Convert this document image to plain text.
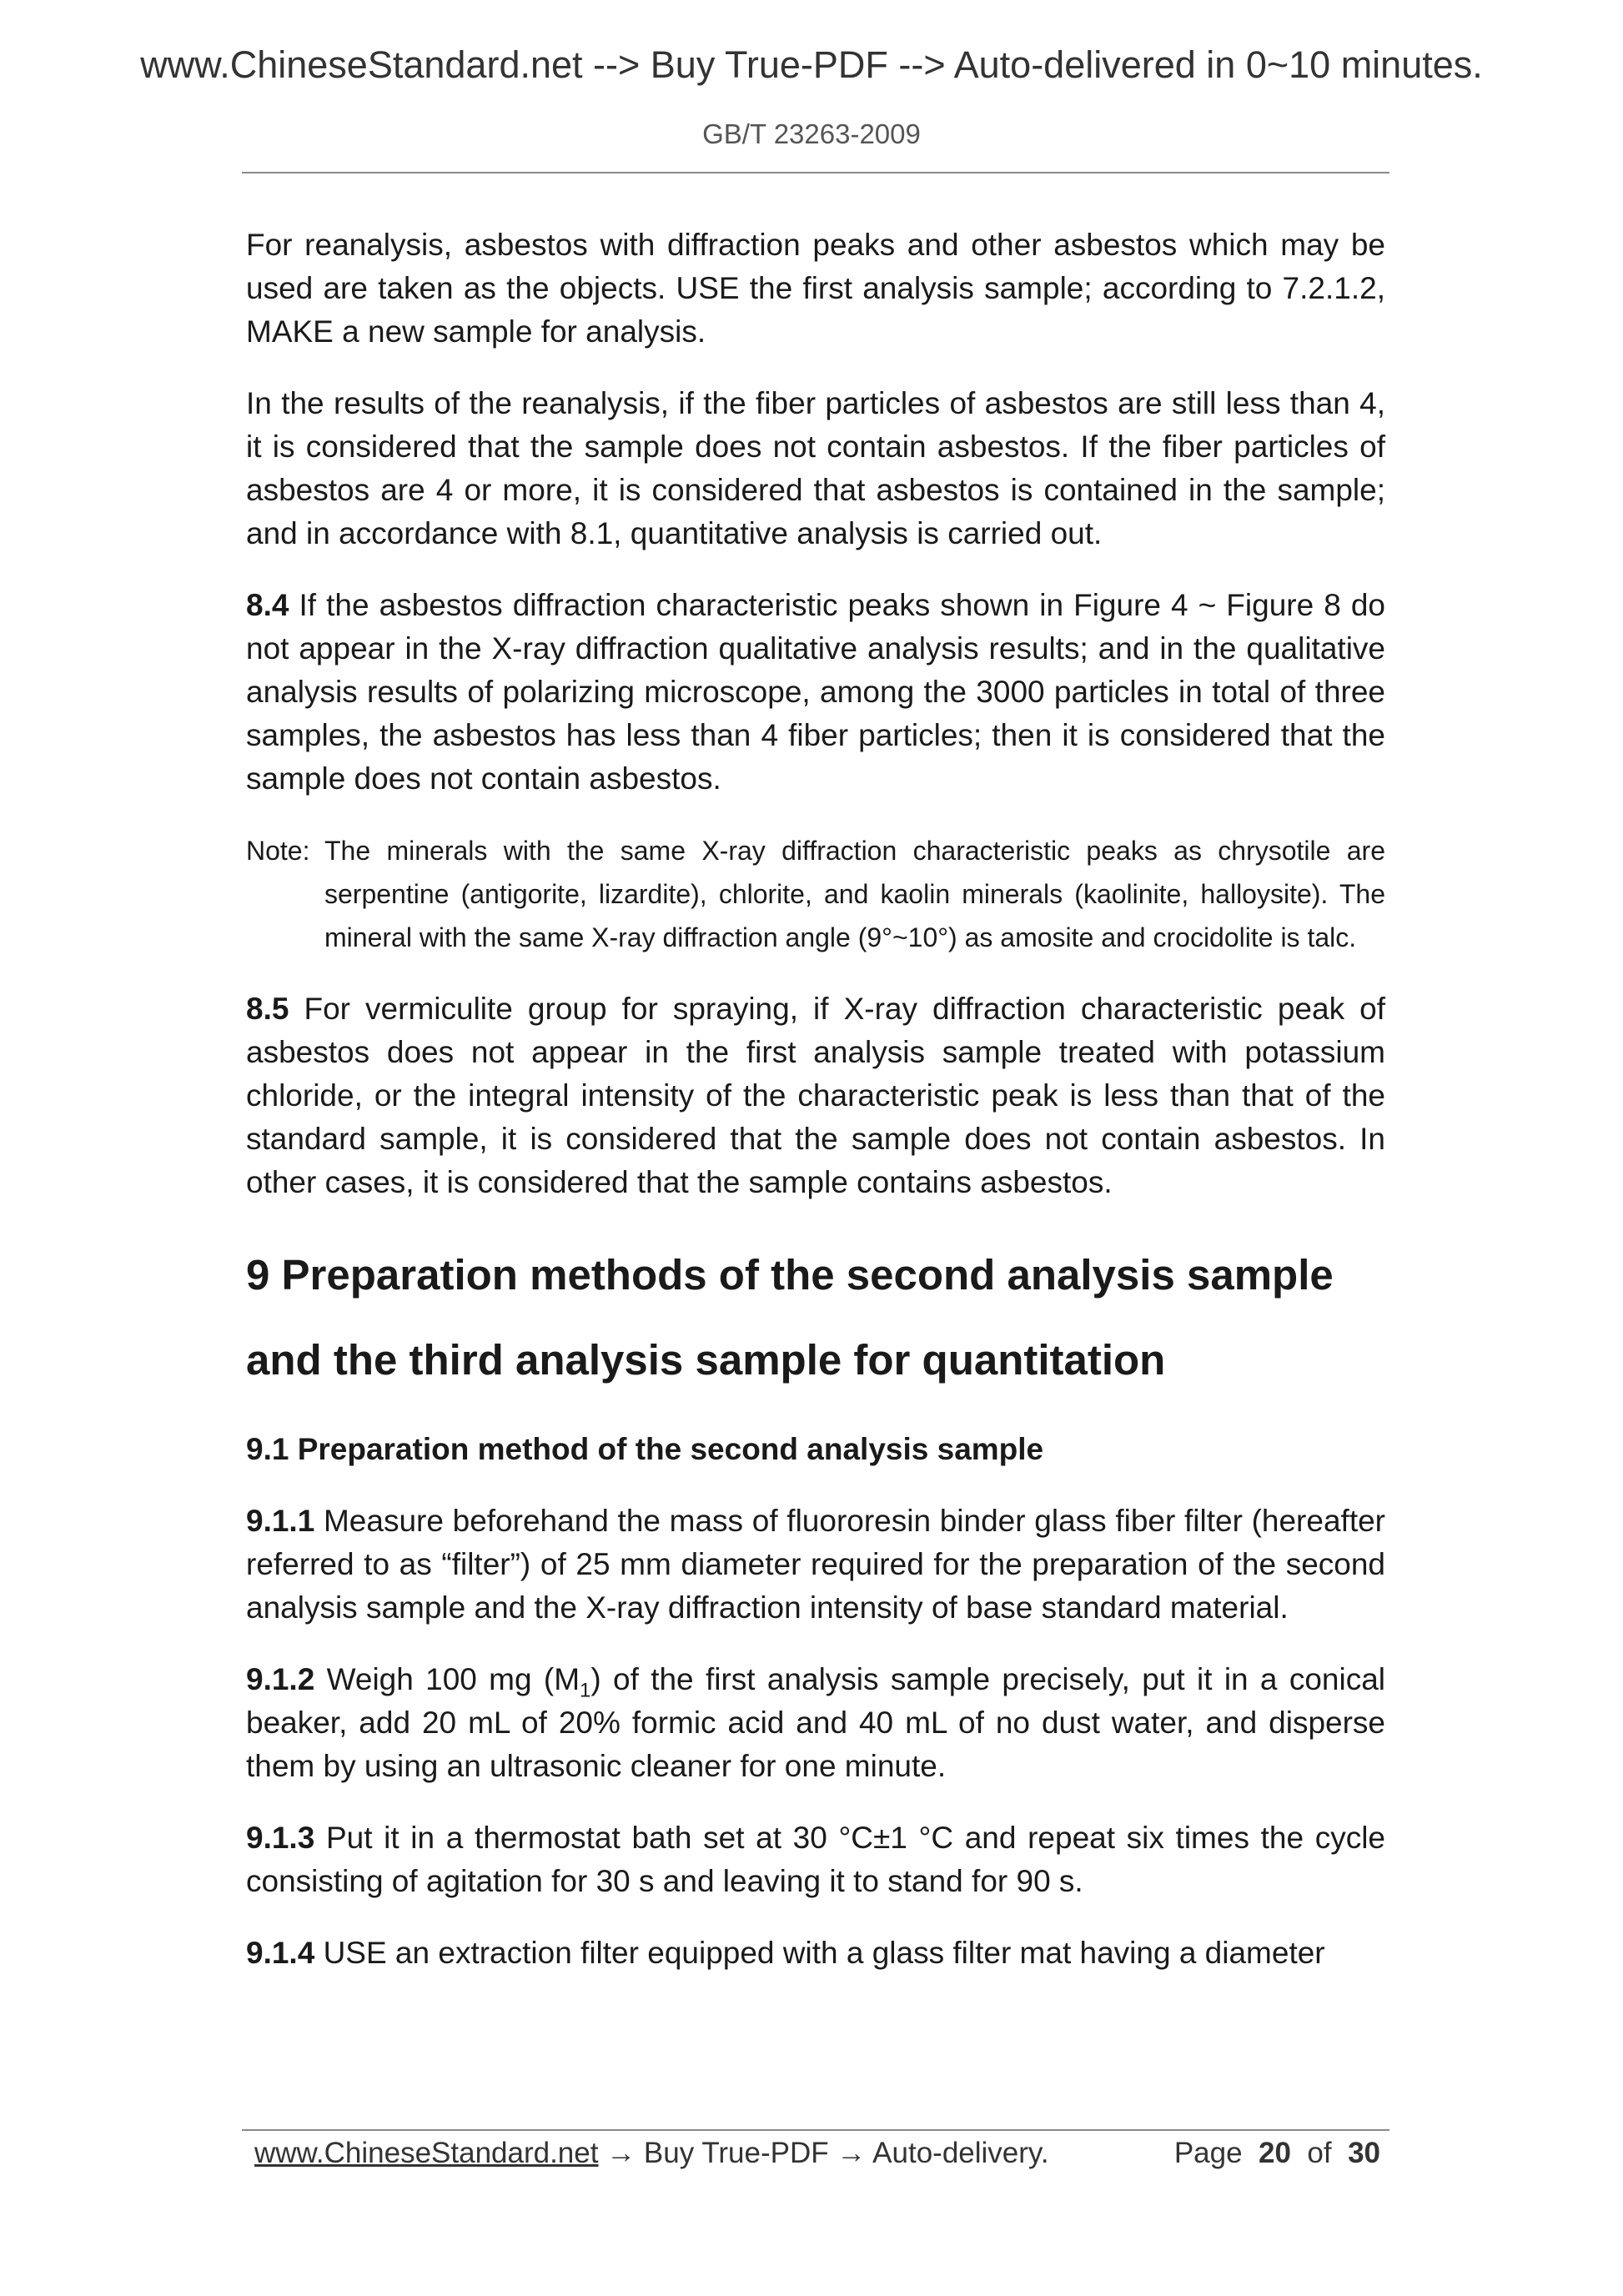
www.ChineseStandard.net --> Buy True-PDF --> Auto-delivered in 0~10 minutes.
GB/T 23263-2009

For reanalysis, asbestos with diffraction peaks and other asbestos which may be used are taken as the objects. USE the first analysis sample; according to 7.2.1.2, MAKE a new sample for analysis.

In the results of the reanalysis, if the fiber particles of asbestos are still less than 4, it is considered that the sample does not contain asbestos. If the fiber particles of asbestos are 4 or more, it is considered that asbestos is contained in the sample; and in accordance with 8.1, quantitative analysis is carried out.

8.4 If the asbestos diffraction characteristic peaks shown in Figure 4 ~ Figure 8 do not appear in the X-ray diffraction qualitative analysis results; and in the qualitative analysis results of polarizing microscope, among the 3000 particles in total of three samples, the asbestos has less than 4 fiber particles; then it is considered that the sample does not contain asbestos.

Note: The minerals with the same X-ray diffraction characteristic peaks as chrysotile are serpentine (antigorite, lizardite), chlorite, and kaolin minerals (kaolinite, halloysite). The mineral with the same X-ray diffraction angle (9°~10°) as amosite and crocidolite is talc.

8.5 For vermiculite group for spraying, if X-ray diffraction characteristic peak of asbestos does not appear in the first analysis sample treated with potassium chloride, or the integral intensity of the characteristic peak is less than that of the standard sample, it is considered that the sample does not contain asbestos. In other cases, it is considered that the sample contains asbestos.

9 Preparation methods of the second analysis sample and the third analysis sample for quantitation
9.1 Preparation method of the second analysis sample

9.1.1 Measure beforehand the mass of fluororesin binder glass fiber filter (hereafter referred to as “filter”) of 25 mm diameter required for the preparation of the second analysis sample and the X-ray diffraction intensity of base standard material.

9.1.2 Weigh 100 mg $(M_1)$ of the first analysis sample precisely, put it in a conical beaker, add 20 mL of 20% formic acid and 40 mL of no dust water, and disperse them by using an ultrasonic cleaner for one minute.

9.1.3 Put it in a thermostat bath set at 30 °C±1 °C and repeat six times the cycle consisting of agitation for 30 s and leaving it to stand for 90 s.

9.1.4 USE an extraction filter equipped with a glass filter mat having a diameter

www.ChineseStandard.net → Buy True-PDF → Auto-delivery.	Page 20 of 30
